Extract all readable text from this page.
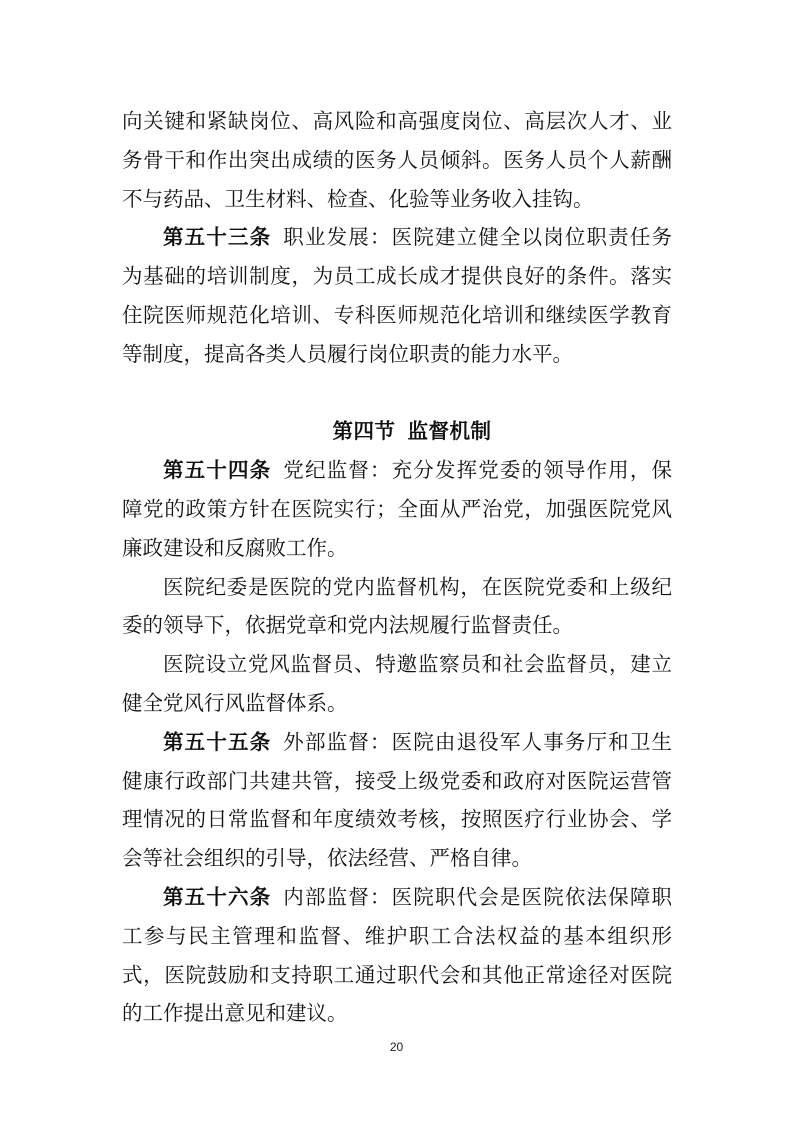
向关键和紧缺岗位、高风险和高强度岗位、高层次人才、业
务骨干和作出突出成绩的医务人员倾斜。医务人员个人薪酬
不与药品、卫生材料、检查、化验等业务收入挂钩。
第五十三条 职业发展：医院建立健全以岗位职责任务
为基础的培训制度，为员工成长成才提供良好的条件。落实
住院医师规范化培训、专科医师规范化培训和继续医学教育
等制度，提高各类人员履行岗位职责的能力水平。
第四节 监督机制
第五十四条 党纪监督：充分发挥党委的领导作用，保
障党的政策方针在医院实行；全面从严治党，加强医院党风
廉政建设和反腐败工作。
医院纪委是医院的党内监督机构，在医院党委和上级纪
委的领导下，依据党章和党内法规履行监督责任。
医院设立党风监督员、特邀监察员和社会监督员，建立
健全党风行风监督体系。
第五十五条 外部监督：医院由退役军人事务厅和卫生
健康行政部门共建共管，接受上级党委和政府对医院运营管
理情况的日常监督和年度绩效考核，按照医疗行业协会、学
会等社会组织的引导，依法经营、严格自律。
第五十六条 内部监督：医院职代会是医院依法保障职
工参与民主管理和监督、维护职工合法权益的基本组织形
式，医院鼓励和支持职工通过职代会和其他正常途径对医院
的工作提出意见和建议。
20
